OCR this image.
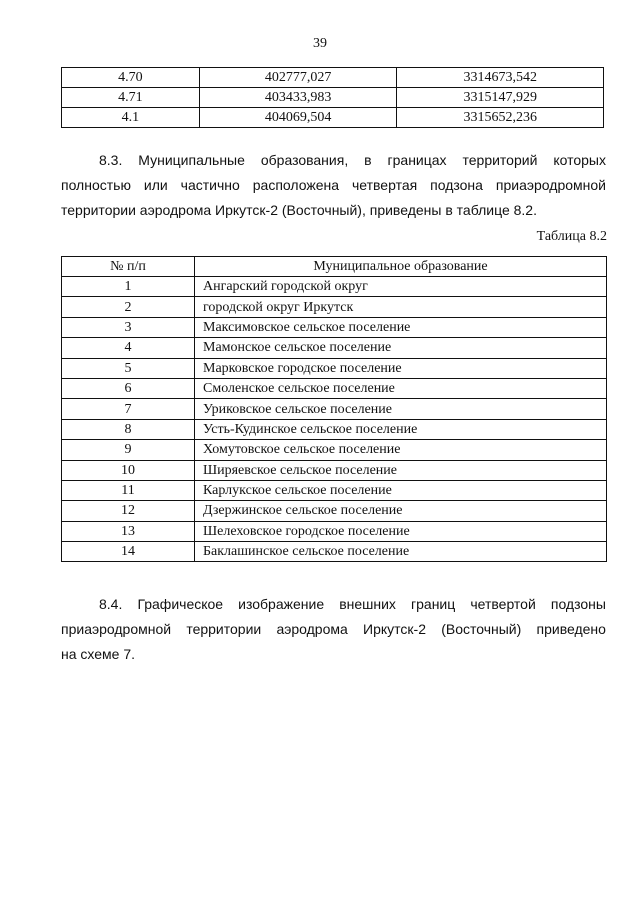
39
4.70	402777,027	3314673,542
4.71	403433,983	3315147,929
4.1	404069,504	3315652,236
8.3. Муниципальные образования, в границах территорий которых полностью или частично расположена четвертая подзона приаэродромной территории аэродрома Иркутск-2 (Восточный), приведены в таблице 8.2.
Таблица 8.2
№ п/п	Муниципальное образование
1	Ангарский городской округ
2	городской округ Иркутск
3	Максимовское сельское поселение
4	Мамонское сельское поселение
5	Марковское городское поселение
6	Смоленское сельское поселение
7	Уриковское сельское поселение
8	Усть-Кудинское сельское поселение
9	Хомутовское сельское поселение
10	Ширяевское сельское поселение
11	Карлукское сельское поселение
12	Дзержинское сельское поселение
13	Шелеховское городское поселение
14	Баклашинское сельское поселение
8.4. Графическое изображение внешних границ четвертой подзоны
приаэродромной территории аэродрома Иркутск-2 (Восточный) приведено
на схеме 7.
